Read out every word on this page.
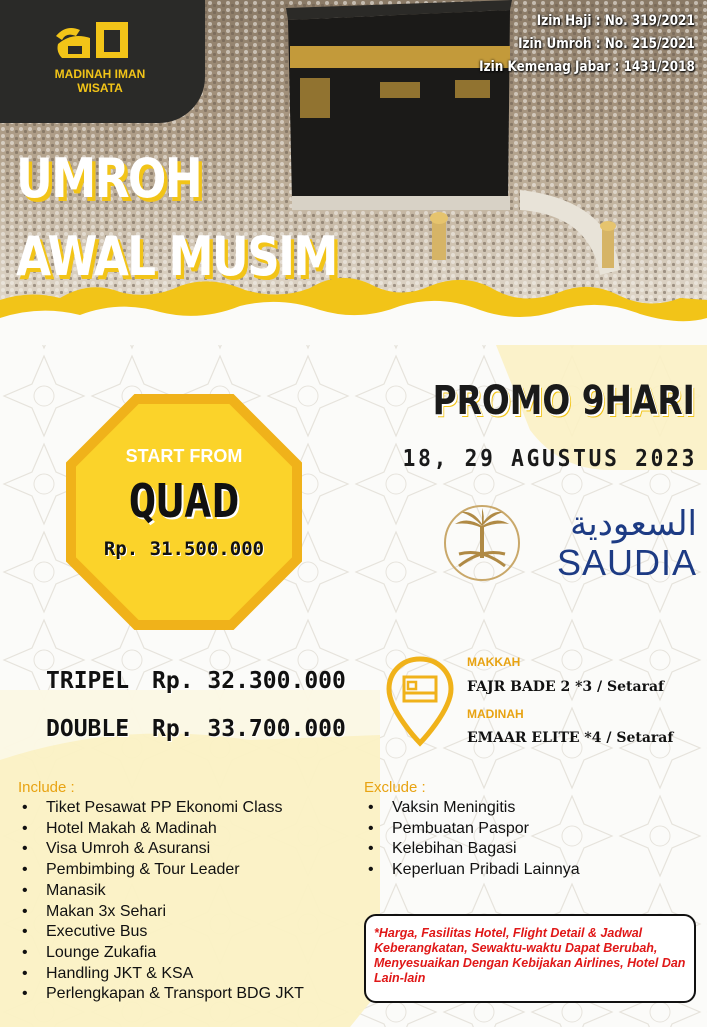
MADINAH IMAN
WISATA
Izin Haji : No. 319/2021
Izin Umroh : No. 215/2021
Izin Kemenag Jabar : 1431/2018
UMROH
AWAL MUSIM
PROMO 9HARI
18, 29 AGUSTUS 2023
START FROM
QUAD
Rp. 31.500.000
السعودية
SAUDIA
TRIPEL Rp. 32.300.000
DOUBLE Rp. 33.700.000
MAKKAH
FAJR BADE 2 *3 / Setaraf
MADINAH
EMAAR ELITE *4 / Setaraf
Include :
• Tiket Pesawat PP Ekonomi Class
• Hotel Makah & Madinah
• Visa Umroh & Asuransi
• Pembimbing & Tour Leader
• Manasik
• Makan 3x Sehari
• Executive Bus
• Lounge Zukafia
• Handling JKT & KSA
• Perlengkapan & Transport BDG JKT
Exclude :
• Vaksin Meningitis
• Pembuatan Paspor
• Kelebihan Bagasi
• Keperluan Pribadi Lainnya
*Harga, Fasilitas Hotel, Flight Detail & Jadwal Keberangkatan, Sewaktu-waktu Dapat Berubah, Menyesuaikan Dengan Kebijakan Airlines, Hotel Dan Lain-lain
